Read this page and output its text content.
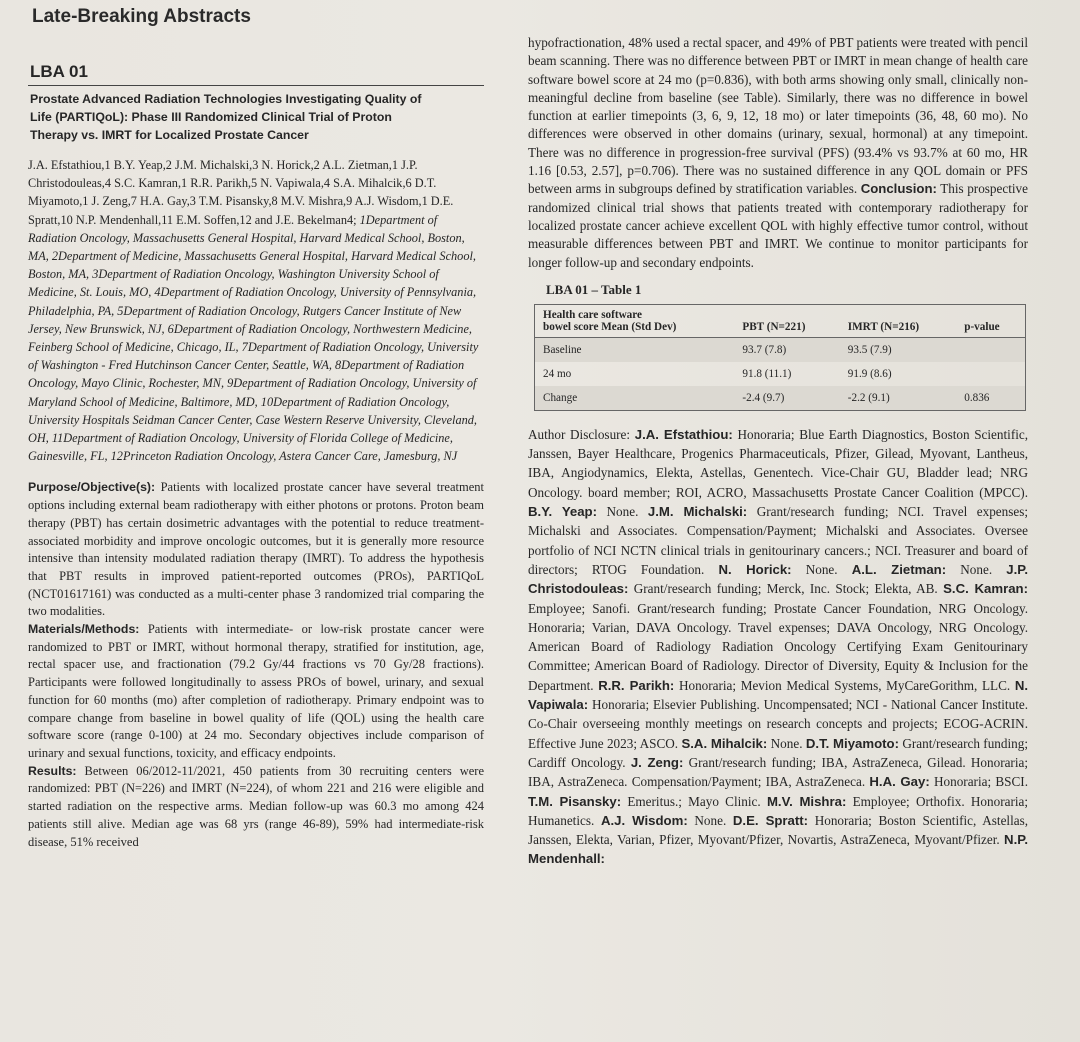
Late-Breaking Abstracts
LBA 01
Prostate Advanced Radiation Technologies Investigating Quality of Life (PARTIQoL): Phase III Randomized Clinical Trial of Proton Therapy vs. IMRT for Localized Prostate Cancer
J.A. Efstathiou,1 B.Y. Yeap,2 J.M. Michalski,3 N. Horick,2 A.L. Zietman,1 J.P. Christodouleas,4 S.C. Kamran,1 R.R. Parikh,5 N. Vapiwala,4 S.A. Mihalcik,6 D.T. Miyamoto,1 J. Zeng,7 H.A. Gay,3 T.M. Pisansky,8 M.V. Mishra,9 A.J. Wisdom,1 D.E. Spratt,10 N.P. Mendenhall,11 E.M. Soffen,12 and J.E. Bekelman4; 1Department of Radiation Oncology, Massachusetts General Hospital, Harvard Medical School, Boston, MA, 2Department of Medicine, Massachusetts General Hospital, Harvard Medical School, Boston, MA, 3Department of Radiation Oncology, Washington University School of Medicine, St. Louis, MO, 4Department of Radiation Oncology, University of Pennsylvania, Philadelphia, PA, 5Department of Radiation Oncology, Rutgers Cancer Institute of New Jersey, New Brunswick, NJ, 6Department of Radiation Oncology, Northwestern Medicine, Feinberg School of Medicine, Chicago, IL, 7Department of Radiation Oncology, University of Washington - Fred Hutchinson Cancer Center, Seattle, WA, 8Department of Radiation Oncology, Mayo Clinic, Rochester, MN, 9Department of Radiation Oncology, University of Maryland School of Medicine, Baltimore, MD, 10Department of Radiation Oncology, University Hospitals Seidman Cancer Center, Case Western Reserve University, Cleveland, OH, 11Department of Radiation Oncology, University of Florida College of Medicine, Gainesville, FL, 12Princeton Radiation Oncology, Astera Cancer Care, Jamesburg, NJ
Purpose/Objective(s): Patients with localized prostate cancer have several treatment options including external beam radiotherapy with either photons or protons. Proton beam therapy (PBT) has certain dosimetric advantages with the potential to reduce treatment-associated morbidity and improve oncologic outcomes, but it is generally more resource intensive than intensity modulated radiation therapy (IMRT). To address the hypothesis that PBT results in improved patient-reported outcomes (PROs), PARTIQoL (NCT01617161) was conducted as a multi-center phase 3 randomized trial comparing the two modalities.
Materials/Methods: Patients with intermediate- or low-risk prostate cancer were randomized to PBT or IMRT, without hormonal therapy, stratified for institution, age, rectal spacer use, and fractionation (79.2 Gy/44 fractions vs 70 Gy/28 fractions). Participants were followed longitudinally to assess PROs of bowel, urinary, and sexual function for 60 months (mo) after completion of radiotherapy. Primary endpoint was to compare change from baseline in bowel quality of life (QOL) using the health care software score (range 0-100) at 24 mo. Secondary objectives include comparison of urinary and sexual functions, toxicity, and efficacy endpoints.
Results: Between 06/2012-11/2021, 450 patients from 30 recruiting centers were randomized: PBT (N=226) and IMRT (N=224), of whom 221 and 216 were eligible and started radiation on the respective arms. Median follow-up was 60.3 mo among 424 patients still alive. Median age was 68 yrs (range 46-89), 59% had intermediate-risk disease, 51% received
hypofractionation, 48% used a rectal spacer, and 49% of PBT patients were treated with pencil beam scanning. There was no difference between PBT or IMRT in mean change of health care software bowel score at 24 mo (p=0.836), with both arms showing only small, clinically non-meaningful decline from baseline (see Table). Similarly, there was no difference in bowel function at earlier timepoints (3, 6, 9, 12, 18 mo) or later timepoints (36, 48, 60 mo). No differences were observed in other domains (urinary, sexual, hormonal) at any timepoint. There was no difference in progression-free survival (PFS) (93.4% vs 93.7% at 60 mo, HR 1.16 [0.53, 2.57], p=0.706). There was no sustained difference in any QOL domain or PFS between arms in subgroups defined by stratification variables. Conclusion: This prospective randomized clinical trial shows that patients treated with contemporary radiotherapy for localized prostate cancer achieve excellent QOL with highly effective tumor control, without measurable differences between PBT and IMRT. We continue to monitor participants for longer follow-up and secondary endpoints.
LBA 01 – Table 1
Health care software
bowel score Mean (Std Dev)	PBT (N=221)	IMRT (N=216)	p-value
Baseline	93.7 (7.8)	93.5 (7.9)	
24 mo	91.8 (11.1)	91.9 (8.6)	
Change	-2.4 (9.7)	-2.2 (9.1)	0.836
Author Disclosure: J.A. Efstathiou: Honoraria; Blue Earth Diagnostics, Boston Scientific, Janssen, Bayer Healthcare, Progenics Pharmaceuticals, Pfizer, Gilead, Myovant, Lantheus, IBA, Angiodynamics, Elekta, Astellas, Genentech. Vice-Chair GU, Bladder lead; NRG Oncology. board member; ROI, ACRO, Massachusetts Prostate Cancer Coalition (MPCC). B.Y. Yeap: None. J.M. Michalski: Grant/research funding; NCI. Travel expenses; Michalski and Associates. Compensation/Payment; Michalski and Associates. Oversee portfolio of NCI NCTN clinical trials in genitourinary cancers.; NCI. Treasurer and board of directors; RTOG Foundation. N. Horick: None. A.L. Zietman: None. J.P. Christodouleas: Grant/research funding; Merck, Inc. Stock; Elekta, AB. S.C. Kamran: Employee; Sanofi. Grant/research funding; Prostate Cancer Foundation, NRG Oncology. Honoraria; Varian, DAVA Oncology. Travel expenses; DAVA Oncology, NRG Oncology. American Board of Radiology Radiation Oncology Certifying Exam Genitourinary Committee; American Board of Radiology. Director of Diversity, Equity & Inclusion for the Department. R.R. Parikh: Honoraria; Mevion Medical Systems, MyCareGorithm, LLC. N. Vapiwala: Honoraria; Elsevier Publishing. Uncompensated; NCI - National Cancer Institute. Co-Chair overseeing monthly meetings on research concepts and projects; ECOG-ACRIN. Effective June 2023; ASCO. S.A. Mihalcik: None. D.T. Miyamoto: Grant/research funding; Cardiff Oncology. J. Zeng: Grant/research funding; IBA, AstraZeneca, Gilead. Honoraria; IBA, AstraZeneca. Compensation/Payment; IBA, AstraZeneca. H.A. Gay: Honoraria; BSCI. T.M. Pisansky: Emeritus.; Mayo Clinic. M.V. Mishra: Employee; Orthofix. Honoraria; Humanetics. A.J. Wisdom: None. D.E. Spratt: Honoraria; Boston Scientific, Astellas, Janssen, Elekta, Varian, Pfizer, Myovant/Pfizer, Novartis, AstraZeneca, Myovant/Pfizer. N.P. Mendenhall:
